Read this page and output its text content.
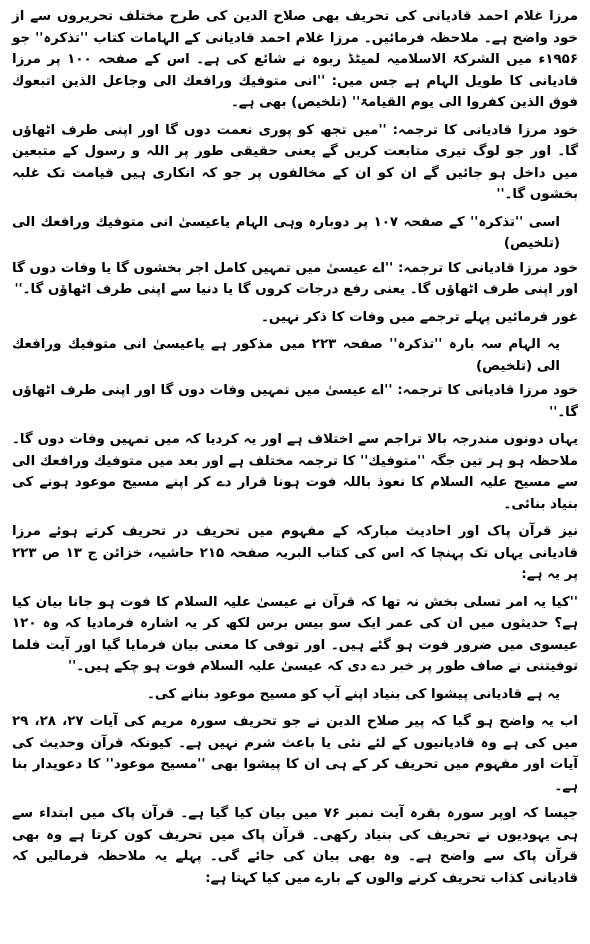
مرزا غلام احمد قادیانی کی تحریف بھی صلاح الدین کی طرح مختلف تحریروں سے از خود واضح ہے۔ ملاحظہ فرمائیں۔ مرزا غلام احمد قادیانی کے الہامات کتاب ''تذکرہ'' جو ۱۹۵۶ء میں الشرکۃ الاسلامیہ لمیٹڈ ربوہ نے شائع کی ہے۔ اس کے صفحہ ۱۰۰ پر مرزا قادیانی کا طویل الہام ہے جس میں: ''انی متوفیك ورافعك الی وجاعل الذین اتبعوك فوق الذین كفروا الی یوم القیامۃ'' (تلخیص) بھی ہے۔

خود مرزا قادیانی کا ترجمہ: ''میں تجھ کو پوری نعمت دوں گا اور اپنی طرف اٹھاؤں گا۔ اور جو لوگ تیری متابعت کریں گے یعنی حقیقی طور پر اللہ و رسول کے متبعین میں داخل ہو جائیں گے ان کو ان کے مخالفوں پر جو کہ انکاری ہیں قیامت تک غلبہ بخشوں گا۔''

اسی ''تذکرہ'' کے صفحہ ۱۰۷ پر دوبارہ وہی الہام یاعیسیٰ انی متوفیك ورافعك الی (تلخیص)

خود مرزا قادیانی کا ترجمہ: ''اے عیسیٰ میں تمہیں کامل اجر بخشوں گا یا وفات دوں گا اور اپنی طرف اٹھاؤں گا۔ یعنی رفع درجات کروں گا یا دنیا سے اپنی طرف اٹھاؤں گا۔''

غور فرمائیں پہلے ترجمے میں وفات کا ذکر نہیں۔

یہ الہام سہ بارہ ''تذکرہ'' صفحہ ۲۲۳ میں مذکور ہے یاعیسیٰ انی متوفیك ورافعك الی (تلخیص)

خود مرزا قادیانی کا ترجمہ: ''اے عیسیٰ میں تمہیں وفات دوں گا اور اپنی طرف اٹھاؤں گا۔''

یہاں دونوں مندرجہ بالا تراجم سے اختلاف ہے اور یہ کردیا کہ میں تمہیں وفات دوں گا۔ ملاحظہ ہو ہر تین جگہ ''متوفیك'' کا ترجمہ مختلف ہے اور بعد میں متوفیك ورافعك الی سے مسیح علیہ السلام کا نعوذ باللہ فوت ہونا قرار دے کر اپنے مسیح موعود ہونے کی بنیاد بنائی۔

نیز قرآن پاک اور احادیث مبارکہ کے مفہوم میں تحریف در تحریف کرتے ہوئے مرزا قادیانی یہاں تک پہنچا کہ اس کی کتاب البریہ صفحہ ۲۱۵ حاشیہ، خزائن ج ۱۳ ص ۲۲۳ پر یہ ہے:

''کیا یہ امر تسلی بخش نہ تھا کہ قرآن نے عیسیٰ علیہ السلام کا فوت ہو جانا بیان کیا ہے؟ حدیثوں میں ان کی عمر ایک سو بیس برس لکھ کر یہ اشارہ فرمادیا کہ وہ ۱۲۰ عیسوی میں ضرور فوت ہو گئے ہیں۔ اور توفی کا معنی بیان فرمایا گیا اور آیت فلما توفیتنی نے صاف طور پر خبر دے دی کہ عیسیٰ علیہ السلام فوت ہو چکے ہیں۔''

یہ ہے قادیانی پیشوا کی بنیاد اپنے آپ کو مسیح موعود بنانے کی۔

اب یہ واضح ہو گیا کہ پیر صلاح الدین نے جو تحریف سورہ مریم کی آیات ۲۷، ۲۸، ۲۹ میں کی ہے وہ قادیانیوں کے لئے نئی یا باعث شرم نہیں ہے۔ کیونکہ قرآن وحدیث کی آیات اور مفہوم میں تحریف کر کے ہی ان کا پیشوا بھی ''مسیح موعود'' کا دعویدار بنا ہے۔

جیسا کہ اوپر سورہ بقرہ آیت نمبر ۷۶ میں بیان کیا گیا ہے۔ قرآن پاک میں ابتداء سے ہی یہودیوں نے تحریف کی بنیاد رکھی۔ قرآن پاک میں تحریف کون کرتا ہے وہ بھی قرآن پاک سے واضح ہے۔ وہ بھی بیان کی جائے گی۔ پہلے یہ ملاحظہ فرمالیں کہ قادیانی کذاب تحریف کرنے والوں کے بارے میں کیا کہتا ہے:
